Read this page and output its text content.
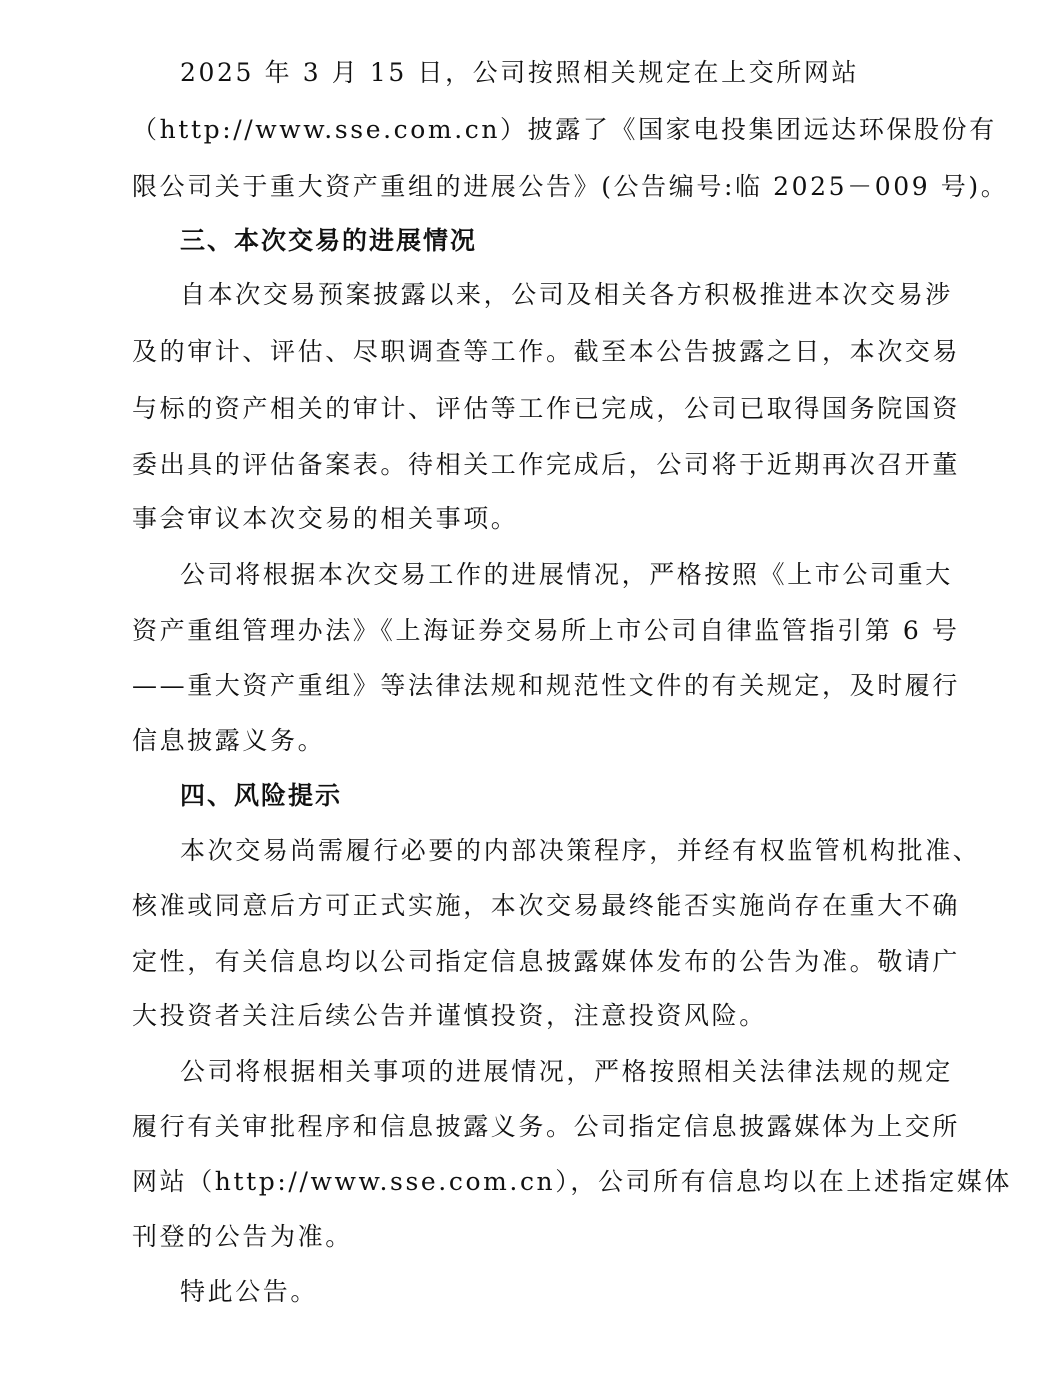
2025 年 3 月 15 日，公司按照相关规定在上交所网站
（http://www.sse.com.cn）披露了《国家电投集团远达环保股份有
限公司关于重大资产重组的进展公告》(公告编号:临 2025－009 号)。
三、本次交易的进展情况
自本次交易预案披露以来，公司及相关各方积极推进本次交易涉
及的审计、评估、尽职调查等工作。截至本公告披露之日，本次交易
与标的资产相关的审计、评估等工作已完成，公司已取得国务院国资
委出具的评估备案表。待相关工作完成后，公司将于近期再次召开董
事会审议本次交易的相关事项。
公司将根据本次交易工作的进展情况，严格按照《上市公司重大
资产重组管理办法》《上海证券交易所上市公司自律监管指引第 6 号
——重大资产重组》等法律法规和规范性文件的有关规定，及时履行
信息披露义务。
四、风险提示
本次交易尚需履行必要的内部决策程序，并经有权监管机构批准、
核准或同意后方可正式实施，本次交易最终能否实施尚存在重大不确
定性，有关信息均以公司指定信息披露媒体发布的公告为准。敬请广
大投资者关注后续公告并谨慎投资，注意投资风险。
公司将根据相关事项的进展情况，严格按照相关法律法规的规定
履行有关审批程序和信息披露义务。公司指定信息披露媒体为上交所
网站（http://www.sse.com.cn），公司所有信息均以在上述指定媒体
刊登的公告为准。
特此公告。
